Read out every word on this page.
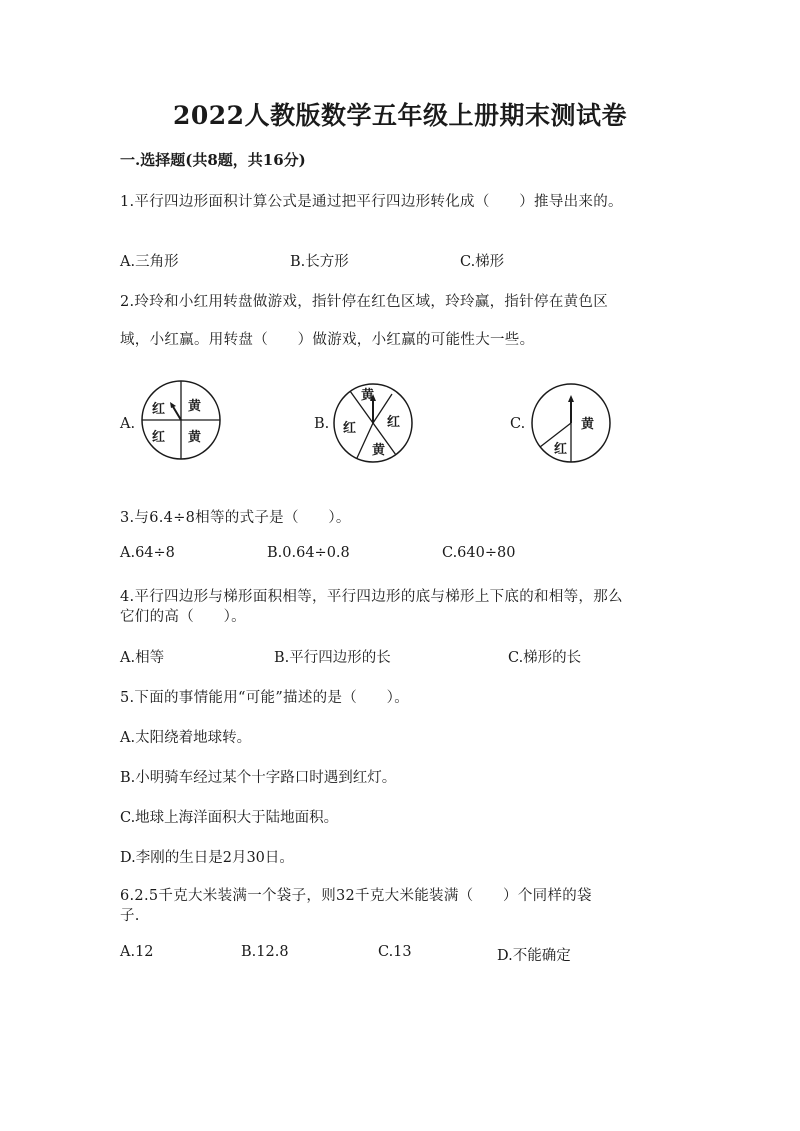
2022人教版数学五年级上册期末测试卷
一.选择题(共8题，共16分)
1.平行四边形面积计算公式是通过把平行四边形转化成（　　）推导出来的。
A.三角形	B.长方形	C.梯形
2.玲玲和小红用转盘做游戏，指针停在红色区域，玲玲赢，指针停在黄色区
域，小红赢。用转盘（　　）做游戏，小红赢的可能性大一些。
A.	B.	C.
红 黄
红 黄
黄
红
红
黄
黄
红
3.与6.4÷8相等的式子是（　　）。
A.64÷8	B.0.64÷0.8	C.640÷80
4.平行四边形与梯形面积相等，平行四边形的底与梯形上下底的和相等，那么
它们的高（　　）。
A.相等	B.平行四边形的长	C.梯形的长
5.下面的事情能用“可能”描述的是（　　）。
A.太阳绕着地球转。
B.小明骑车经过某个十字路口时遇到红灯。
C.地球上海洋面积大于陆地面积。
D.李刚的生日是2月30日。
6.2.5千克大米装满一个袋子，则32千克大米能装满（　　）个同样的袋
子.
A.12	B.12.8	C.13	D.不能确定
